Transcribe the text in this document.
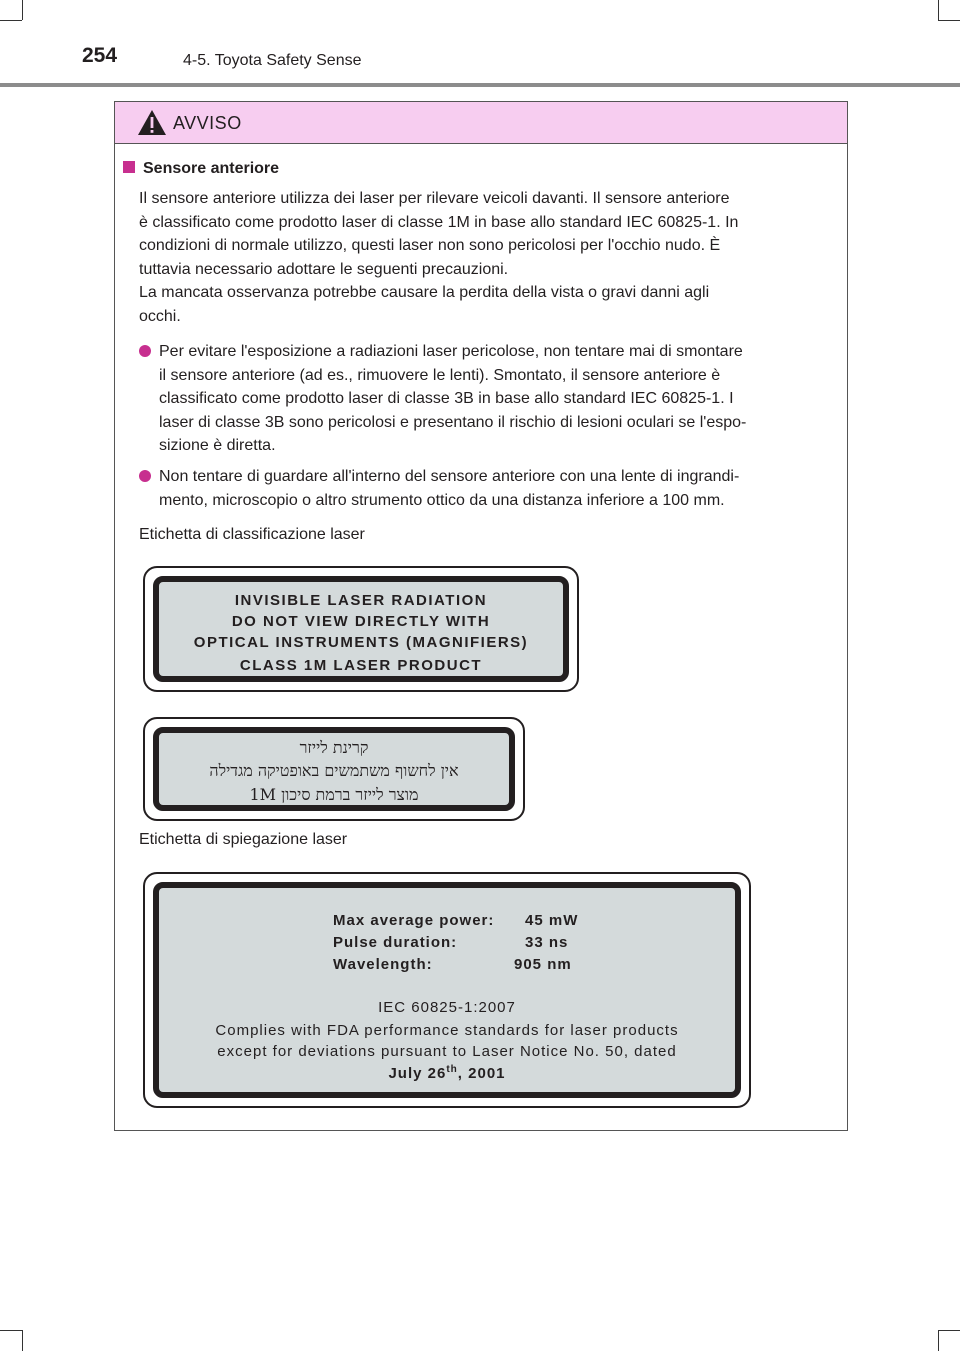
254	4-5. Toyota Safety Sense
AVVISO
Sensore anteriore
Il sensore anteriore utilizza dei laser per rilevare veicoli davanti. Il sensore anteriore
è classificato come prodotto laser di classe 1M in base allo standard IEC 60825-1. In
condizioni di normale utilizzo, questi laser non sono pericolosi per l'occhio nudo. È
tuttavia necessario adottare le seguenti precauzioni.
La mancata osservanza potrebbe causare la perdita della vista o gravi danni agli
occhi.
Per evitare l'esposizione a radiazioni laser pericolose, non tentare mai di smontare
il sensore anteriore (ad es., rimuovere le lenti). Smontato, il sensore anteriore è
classificato come prodotto laser di classe 3B in base allo standard IEC 60825-1. I
laser di classe 3B sono pericolosi e presentano il rischio di lesioni oculari se l'espo-
sizione è diretta.
Non tentare di guardare all'interno del sensore anteriore con una lente di ingrandi-
mento, microscopio o altro strumento ottico da una distanza inferiore a 100 mm.
Etichetta di classificazione laser
INVISIBLE LASER RADIATION
DO NOT VIEW DIRECTLY WITH
OPTICAL INSTRUMENTS (MAGNIFIERS)
CLASS 1M LASER PRODUCT
קרינת לייזר
אין לחשוף משתמשים באופטיקה מגדילה
מוצר לייזר ברמת סיכון 1M
Etichetta di spiegazione laser
Max average power: 45 mW
Pulse duration:	33 ns
Wavelength:	905 nm
IEC 60825-1:2007
Complies with FDA performance standards for laser products
except for deviations pursuant to Laser Notice No. 50, dated
July 26th, 2001
